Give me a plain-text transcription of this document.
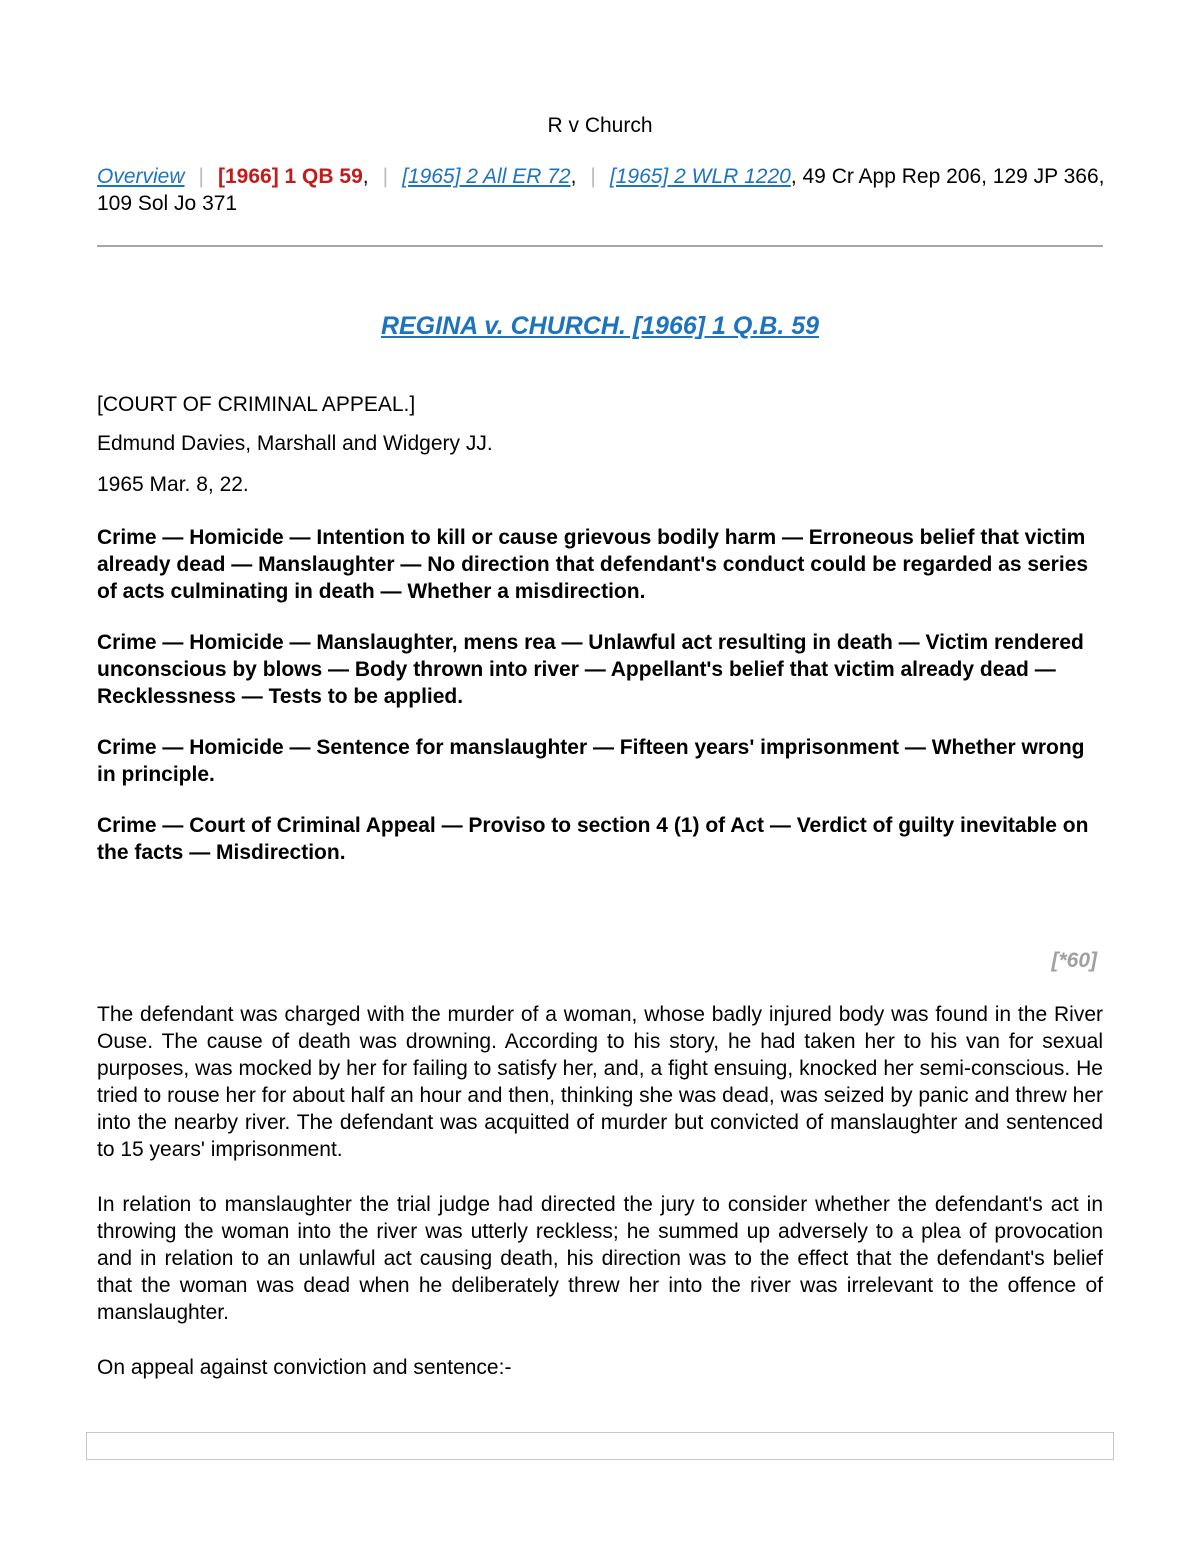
R v Church
Overview | [1966] 1 QB 59, | [1965] 2 All ER 72, | [1965] 2 WLR 1220, 49 Cr App Rep 206, 129 JP 366, 109 Sol Jo 371
REGINA v. CHURCH. [1966] 1 Q.B. 59
[COURT OF CRIMINAL APPEAL.]
Edmund Davies, Marshall and Widgery JJ.
1965 Mar. 8, 22.
Crime — Homicide — Intention to kill or cause grievous bodily harm — Erroneous belief that victim already dead — Manslaughter — No direction that defendant's conduct could be regarded as series of acts culminating in death — Whether a misdirection.
Crime — Homicide — Manslaughter, mens rea — Unlawful act resulting in death — Victim rendered unconscious by blows — Body thrown into river — Appellant's belief that victim already dead — Recklessness — Tests to be applied.
Crime — Homicide — Sentence for manslaughter — Fifteen years' imprisonment — Whether wrong in principle.
Crime — Court of Criminal Appeal — Proviso to section 4 (1) of Act — Verdict of guilty inevitable on the facts — Misdirection.
[*60]
The defendant was charged with the murder of a woman, whose badly injured body was found in the River Ouse. The cause of death was drowning. According to his story, he had taken her to his van for sexual purposes, was mocked by her for failing to satisfy her, and, a fight ensuing, knocked her semi-conscious. He tried to rouse her for about half an hour and then, thinking she was dead, was seized by panic and threw her into the nearby river. The defendant was acquitted of murder but convicted of manslaughter and sentenced to 15 years' imprisonment.
In relation to manslaughter the trial judge had directed the jury to consider whether the defendant's act in throwing the woman into the river was utterly reckless; he summed up adversely to a plea of provocation and in relation to an unlawful act causing death, his direction was to the effect that the defendant's belief that the woman was dead when he deliberately threw her into the river was irrelevant to the offence of manslaughter.
On appeal against conviction and sentence:-
